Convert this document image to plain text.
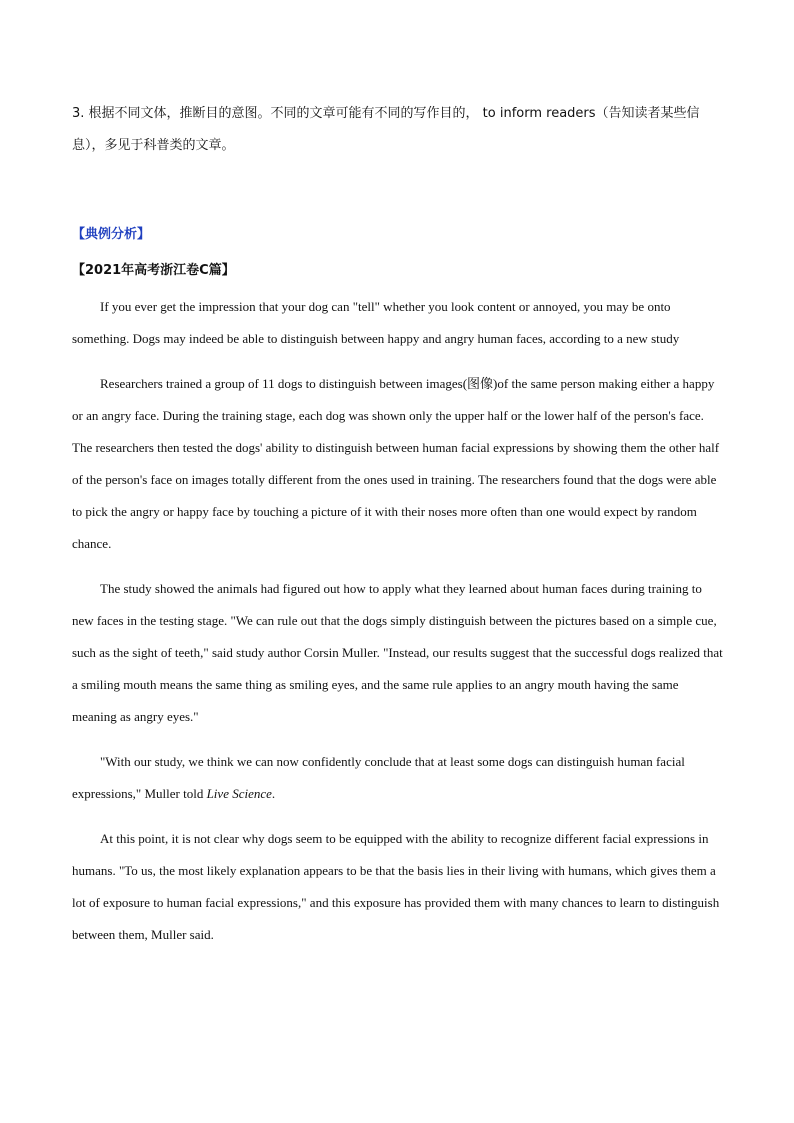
3. 根据不同文体，推断目的意图。不同的文章可能有不同的写作目的， to inform readers（告知读者某些信息），多见于科普类的文章。

【典例分析】
【2021年高考浙江卷C篇】

If you ever get the impression that your dog can "tell" whether you look content or annoyed, you may be onto something. Dogs may indeed be able to distinguish between happy and angry human faces, according to a new study

Researchers trained a group of 11 dogs to distinguish between images(图像)of the same person making either a happy or an angry face. During the training stage, each dog was shown only the upper half or the lower half of the person's face. The researchers then tested the dogs' ability to distinguish between human facial expressions by showing them the other half of the person's face on images totally different from the ones used in training. The researchers found that the dogs were able to pick the angry or happy face by touching a picture of it with their noses more often than one would expect by random chance.

The study showed the animals had figured out how to apply what they learned about human faces during training to new faces in the testing stage. "We can rule out that the dogs simply distinguish between the pictures based on a simple cue, such as the sight of teeth," said study author Corsin Muller. "Instead, our results suggest that the successful dogs realized that a smiling mouth means the same thing as smiling eyes, and the same rule applies to an angry mouth having the same meaning as angry eyes."

"With our study, we think we can now confidently conclude that at least some dogs can distinguish human facial expressions," Muller told Live Science.

At this point, it is not clear why dogs seem to be equipped with the ability to recognize different facial expressions in humans. "To us, the most likely explanation appears to be that the basis lies in their living with humans, which gives them a lot of exposure to human facial expressions," and this exposure has provided them with many chances to learn to distinguish between them, Muller said.
